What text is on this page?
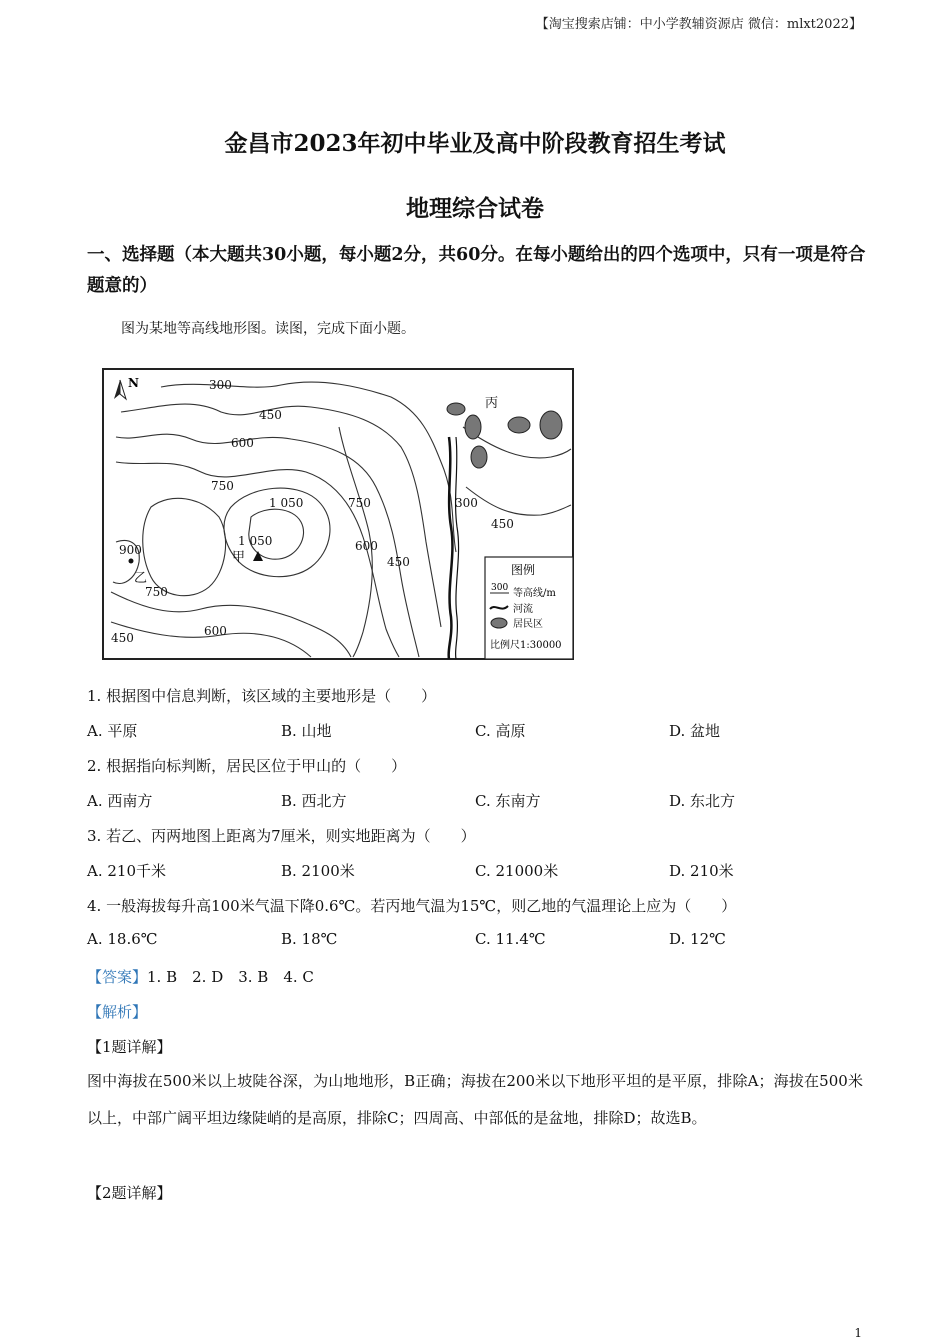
【淘宝搜索店铺：中小学教辅资源店 微信：mlxt2022】
金昌市2023年初中毕业及高中阶段教育招生考试
地理综合试卷
一、选择题（本大题共30小题，每小题2分，共60分。在每小题给出的四个选项中，只有一项是符合题意的）
图为某地等高线地形图。读图，完成下面小题。
N	300
450
600
750
1 050	750
600
450
300
450
1 050
900
750
600
450
甲
乙
丙
图例
300 等高线/m
河流
居民区
比例尺1:30000
1. 根据图中信息判断，该区域的主要地形是（　　）
A. 平原	B. 山地	C. 高原	D. 盆地
2. 根据指向标判断，居民区位于甲山的（　　）
A. 西南方	B. 西北方	C. 东南方	D. 东北方
3. 若乙、丙两地图上距离为7厘米，则实地距离为（　　）
A. 210千米	B. 2100米	C. 21000米	D. 210米
4. 一般海拔每升高100米气温下降0.6℃。若丙地气温为15℃，则乙地的气温理论上应为（　　）
A. 18.6℃	B. 18℃	C. 11.4℃	D. 12℃
【答案】1. B　2. D　3. B　4. C
【解析】
【1题详解】
图中海拔在500米以上坡陡谷深，为山地地形，B正确；海拔在200米以下地形平坦的是平原，排除A；海拔在500米以上，中部广阔平坦边缘陡峭的是高原，排除C；四周高、中部低的是盆地，排除D；故选B。
【2题详解】
1
